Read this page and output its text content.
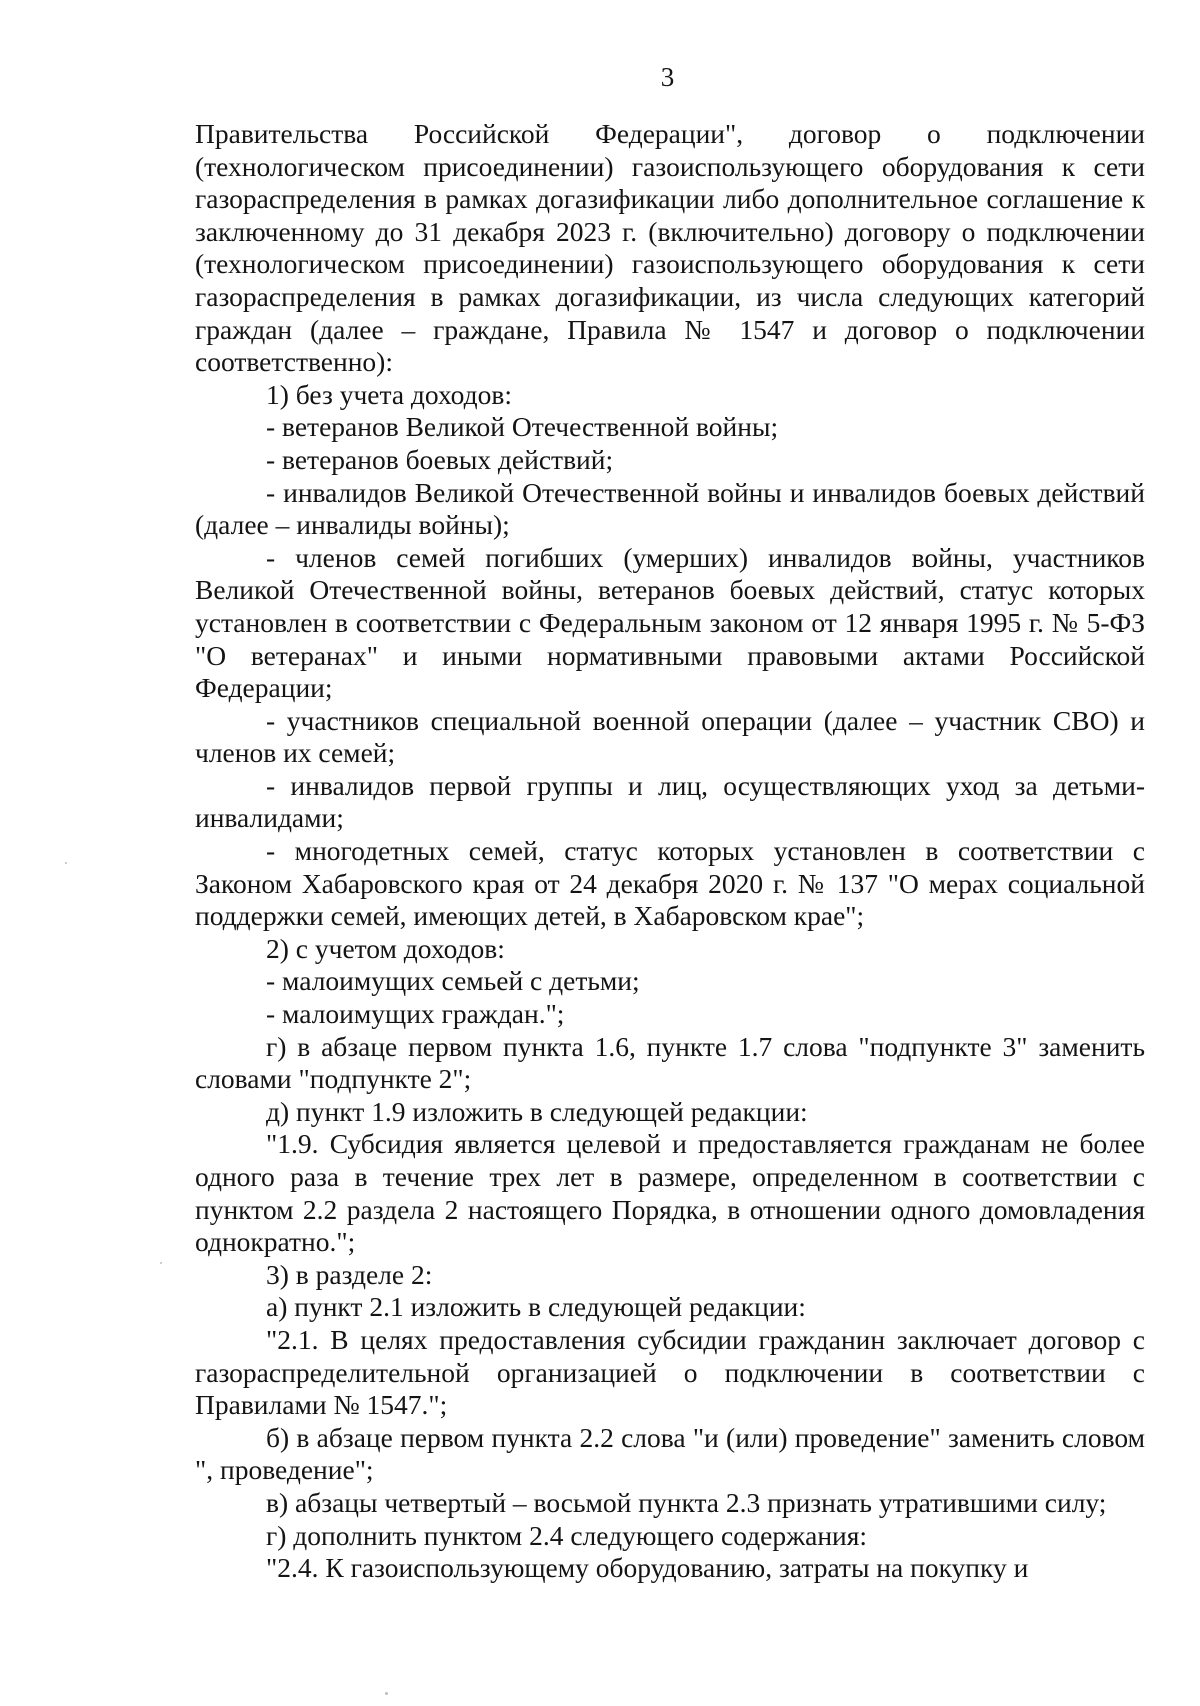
3

Правительства Российской Федерации", договор о подключении (технологическом присоединении) газоиспользующего оборудования к сети газораспределения в рамках догазификации либо дополнительное соглашение к заключенному до 31 декабря 2023 г. (включительно) договору о подключении (технологическом присоединении) газоиспользующего оборудования к сети газораспределения в рамках догазификации, из числа следующих категорий граждан (далее – граждане, Правила № 1547 и договор о подключении соответственно):

1) без учета доходов:

- ветеранов Великой Отечественной войны;

- ветеранов боевых действий;

- инвалидов Великой Отечественной войны и инвалидов боевых действий (далее – инвалиды войны);

- членов семей погибших (умерших) инвалидов войны, участников Великой Отечественной войны, ветеранов боевых действий, статус которых установлен в соответствии с Федеральным законом от 12 января 1995 г. № 5-ФЗ "О ветеранах" и иными нормативными правовыми актами Российской Федерации;

- участников специальной военной операции (далее – участник СВО) и членов их семей;

- инвалидов первой группы и лиц, осуществляющих уход за детьми-инвалидами;

- многодетных семей, статус которых установлен в соответствии с Законом Хабаровского края от 24 декабря 2020 г. № 137 "О мерах социальной поддержки семей, имеющих детей, в Хабаровском крае";

2) с учетом доходов:

- малоимущих семьей с детьми;

- малоимущих граждан.";

г) в абзаце первом пункта 1.6, пункте 1.7 слова "подпункте 3" заменить словами "подпункте 2";

д) пункт 1.9 изложить в следующей редакции:

"1.9. Субсидия является целевой и предоставляется гражданам не более одного раза в течение трех лет в размере, определенном в соответствии с пунктом 2.2 раздела 2 настоящего Порядка, в отношении одного домовладения однократно.";

3) в разделе 2:

а) пункт 2.1 изложить в следующей редакции:

"2.1. В целях предоставления субсидии гражданин заключает договор с газораспределительной организацией о подключении в соответствии с Правилами № 1547.";

б) в абзаце первом пункта 2.2 слова "и (или) проведение" заменить словом ", проведение";

в) абзацы четвертый – восьмой пункта 2.3 признать утратившими силу;

г) дополнить пунктом 2.4 следующего содержания:

"2.4. К газоиспользующему оборудованию, затраты на покупку и
